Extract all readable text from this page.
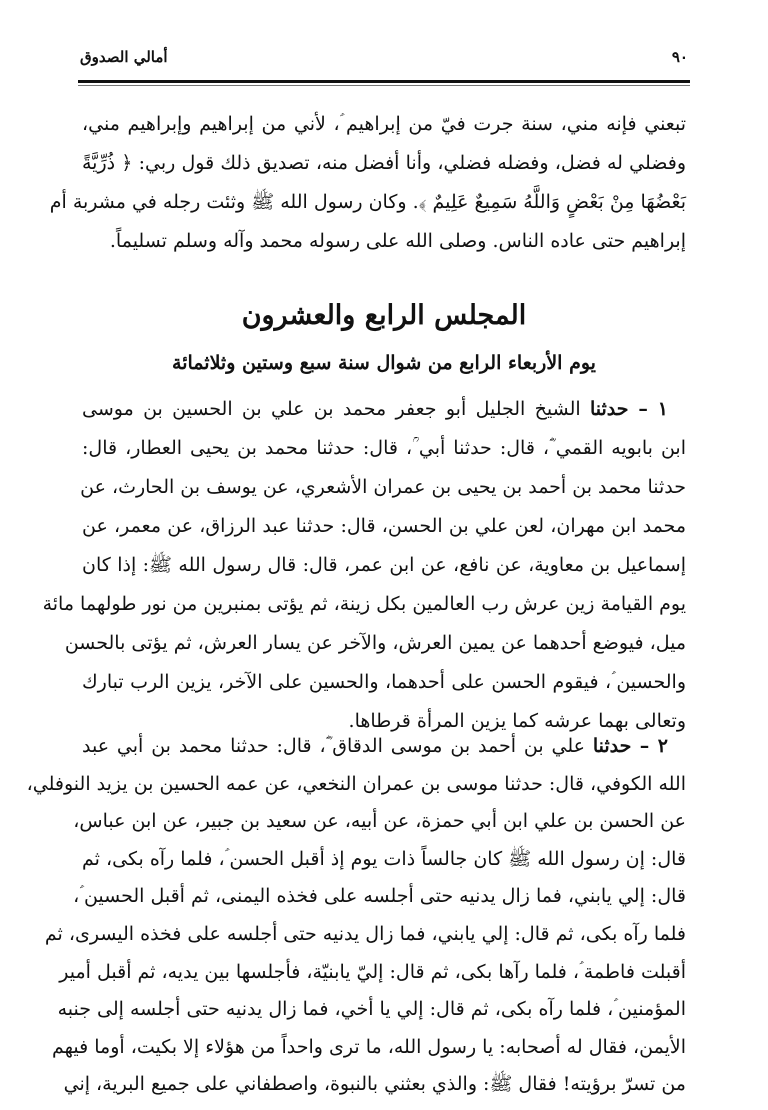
أمالي الصدوق	٩٠
تبعني فإنه مني، سنة جرت فيّ من إبراهيم ؑ، لأني من إبراهيم وإبراهيم مني،
وفضلي له فضل، وفضله فضلي، وأنا أفضل منه، تصديق ذلك قول ربي: ﴿ ذُرِّيَّةً
بَعْضُهَا مِنْ بَعْضٍ وَاللَّهُ سَمِيعٌ عَلِيمٌ ﴾. وكان رسول الله ﷺ وثئت رجله في مشربة أم
إبراهيم حتى عاده الناس. وصلى الله على رسوله محمد وآله وسلم تسليماً.
المجلس الرابع والعشرون
يوم الأربعاء الرابع من شوال سنة سبع وستين وثلاثمائة
١ – حدثنا الشيخ الجليل أبو جعفر محمد بن علي بن الحسين بن موسى
ابن بابويه القمي ؓ، قال: حدثنا أبي ؒ، قال: حدثنا محمد بن يحيى العطار، قال:
حدثنا محمد بن أحمد بن يحيى بن عمران الأشعري، عن يوسف بن الحارث، عن
محمد ابن مهران، لعن علي بن الحسن، قال: حدثنا عبد الرزاق، عن معمر، عن
إسماعيل بن معاوية، عن نافع، عن ابن عمر، قال: قال رسول الله ﷺ: إذا كان
يوم القيامة زين عرش رب العالمين بكل زينة، ثم يؤتى بمنبرين من نور طولهما مائة
ميل، فيوضع أحدهما عن يمين العرش، والآخر عن يسار العرش، ثم يؤتى بالحسن
والحسين ؑ، فيقوم الحسن على أحدهما، والحسين على الآخر، يزين الرب تبارك
وتعالى بهما عرشه كما يزين المرأة قرطاها.
٢ – حدثنا علي بن أحمد بن موسى الدقاق ؓ، قال: حدثنا محمد بن أبي عبد
الله الكوفي، قال: حدثنا موسى بن عمران النخعي، عن عمه الحسين بن يزيد النوفلي،
عن الحسن بن علي ابن أبي حمزة، عن أبيه، عن سعيد بن جبير، عن ابن عباس،
قال: إن رسول الله ﷺ كان جالساً ذات يوم إذ أقبل الحسن ؑ، فلما رآه بكى، ثم
قال: إلي يابني، فما زال يدنيه حتى أجلسه على فخذه اليمنى، ثم أقبل الحسين ؑ،
فلما رآه بكى، ثم قال: إلي يابني، فما زال يدنيه حتى أجلسه على فخذه اليسرى، ثم
أقبلت فاطمة ؑ، فلما رآها بكى، ثم قال: إليّ يابنيّة، فأجلسها بين يديه، ثم أقبل أمير
المؤمنين ؑ، فلما رآه بكى، ثم قال: إلي يا أخي، فما زال يدنيه حتى أجلسه إلى جنبه
الأيمن، فقال له أصحابه: يا رسول الله، ما ترى واحداً من هؤلاء إلا بكيت، أوما فيهم
من تسرّ برؤيته! فقال ﷺ: والذي بعثني بالنبوة، واصطفاني على جميع البرية، إني
